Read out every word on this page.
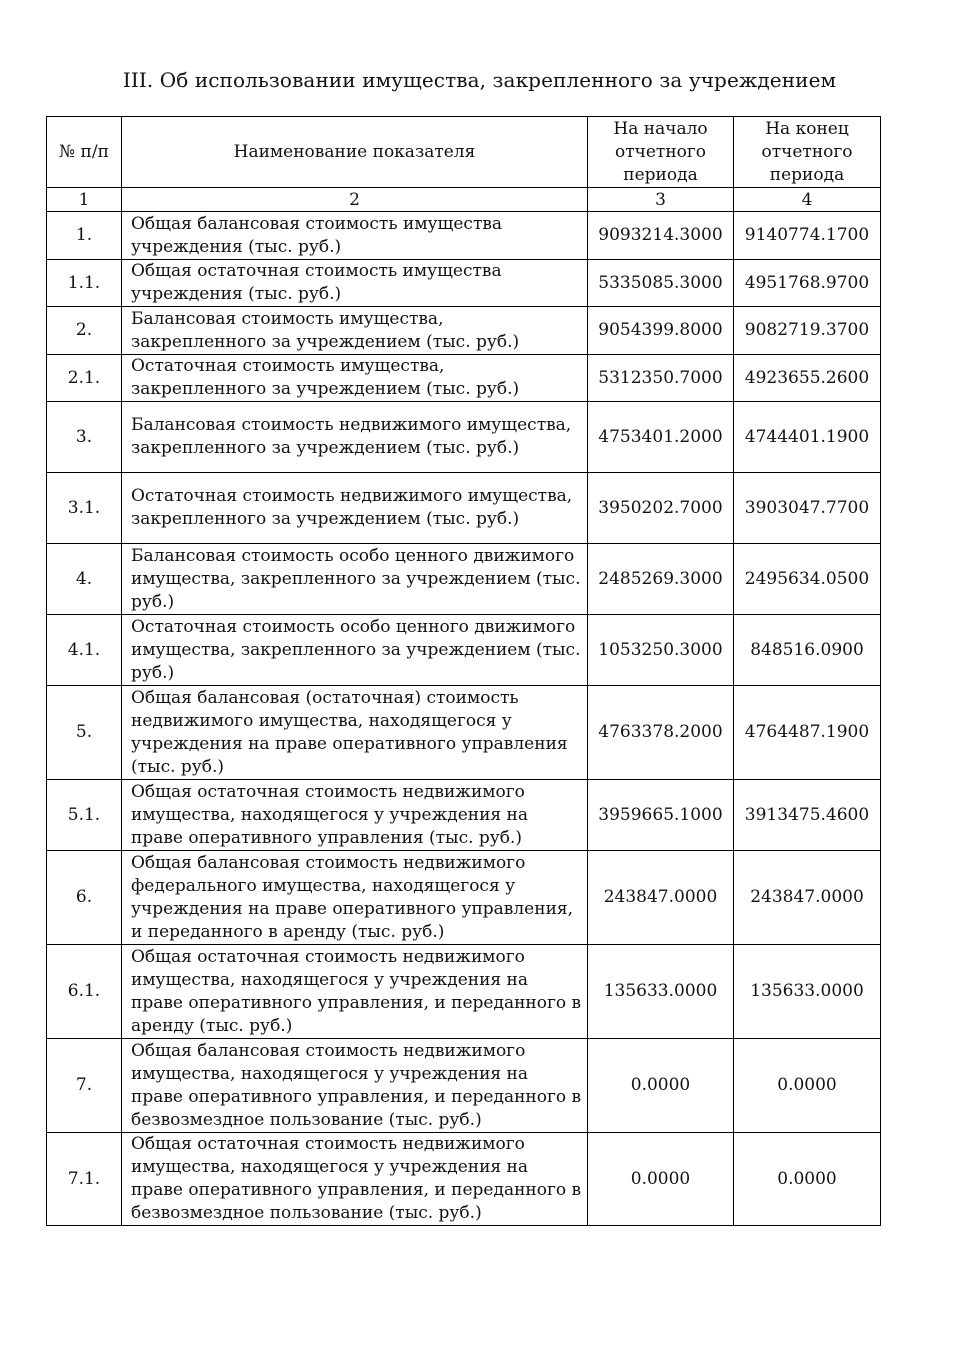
III. Об использовании имущества, закрепленного за учреждением
№ п/п	Наименование показателя	На начало отчетного периода	На конец отчетного периода
1	2	3	4
1.	Общая балансовая стоимость имущества учреждения (тыс. руб.)	9093214.3000	9140774.1700
1.1.	Общая остаточная стоимость имущества учреждения (тыс. руб.)	5335085.3000	4951768.9700
2.	Балансовая стоимость имущества, закрепленного за учреждением (тыс. руб.)	9054399.8000	9082719.3700
2.1.	Остаточная стоимость имущества, закрепленного за учреждением (тыс. руб.)	5312350.7000	4923655.2600
3.	Балансовая стоимость недвижимого имущества, закрепленного за учреждением (тыс. руб.)	4753401.2000	4744401.1900
3.1.	Остаточная стоимость недвижимого имущества, закрепленного за учреждением (тыс. руб.)	3950202.7000	3903047.7700
4.	Балансовая стоимость особо ценного движимого имущества, закрепленного за учреждением (тыс. руб.)	2485269.3000	2495634.0500
4.1.	Остаточная стоимость особо ценного движимого имущества, закрепленного за учреждением (тыс. руб.)	1053250.3000	848516.0900
5.	Общая балансовая (остаточная) стоимость недвижимого имущества, находящегося у учреждения на праве оперативного управления (тыс. руб.)	4763378.2000	4764487.1900
5.1.	Общая остаточная стоимость недвижимого имущества, находящегося у учреждения на праве оперативного управления (тыс. руб.)	3959665.1000	3913475.4600
6.	Общая балансовая стоимость недвижимого федерального имущества, находящегося у учреждения на праве оперативного управления, и переданного в аренду (тыс. руб.)	243847.0000	243847.0000
6.1.	Общая остаточная стоимость недвижимого имущества, находящегося у учреждения на праве оперативного управления, и переданного в аренду (тыс. руб.)	135633.0000	135633.0000
7.	Общая балансовая стоимость недвижимого имущества, находящегося у учреждения на праве оперативного управления, и переданного в безвозмездное пользование (тыс. руб.)	0.0000	0.0000
7.1.	Общая остаточная стоимость недвижимого имущества, находящегося у учреждения на праве оперативного управления, и переданного в безвозмездное пользование (тыс. руб.)	0.0000	0.0000
